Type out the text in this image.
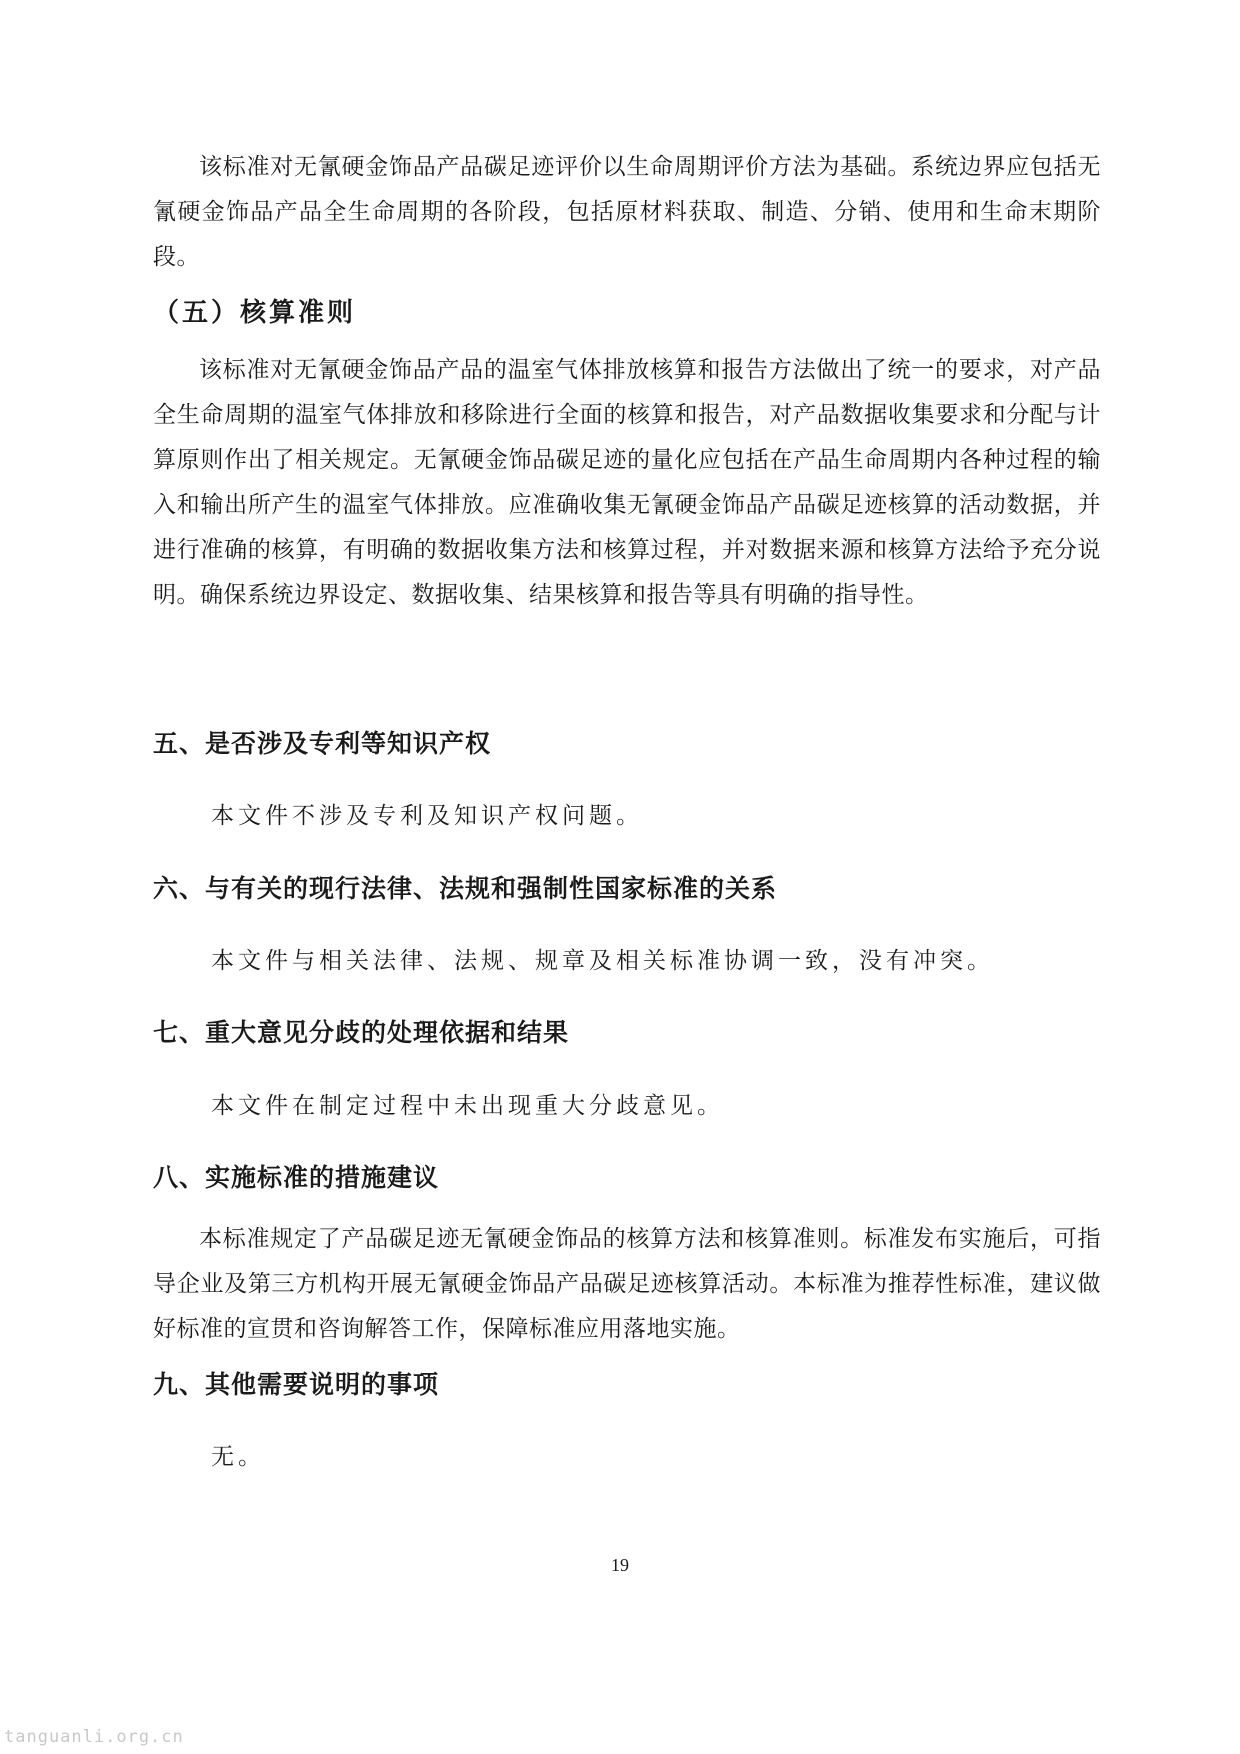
该标准对无氰硬金饰品产品碳足迹评价以生命周期评价方法为基础。系统边界应包括无氰硬金饰品产品全生命周期的各阶段，包括原材料获取、制造、分销、使用和生命末期阶段。

（五）核算准则

该标准对无氰硬金饰品产品的温室气体排放核算和报告方法做出了统一的要求，对产品全生命周期的温室气体排放和移除进行全面的核算和报告，对产品数据收集要求和分配与计算原则作出了相关规定。无氰硬金饰品碳足迹的量化应包括在产品生命周期内各种过程的输入和输出所产生的温室气体排放。应准确收集无氰硬金饰品产品碳足迹核算的活动数据，并进行准确的核算，有明确的数据收集方法和核算过程，并对数据来源和核算方法给予充分说明。确保系统边界设定、数据收集、结果核算和报告等具有明确的指导性。

五、是否涉及专利等知识产权

本文件不涉及专利及知识产权问题。

六、与有关的现行法律、法规和强制性国家标准的关系

本文件与相关法律、法规、规章及相关标准协调一致，没有冲突。

七、重大意见分歧的处理依据和结果

本文件在制定过程中未出现重大分歧意见。

八、实施标准的措施建议

本标准规定了产品碳足迹无氰硬金饰品的核算方法和核算准则。标准发布实施后，可指导企业及第三方机构开展无氰硬金饰品产品碳足迹核算活动。本标准为推荐性标准，建议做好标准的宣贯和咨询解答工作，保障标准应用落地实施。

九、其他需要说明的事项

无。

19
tanguanli.org.cn
